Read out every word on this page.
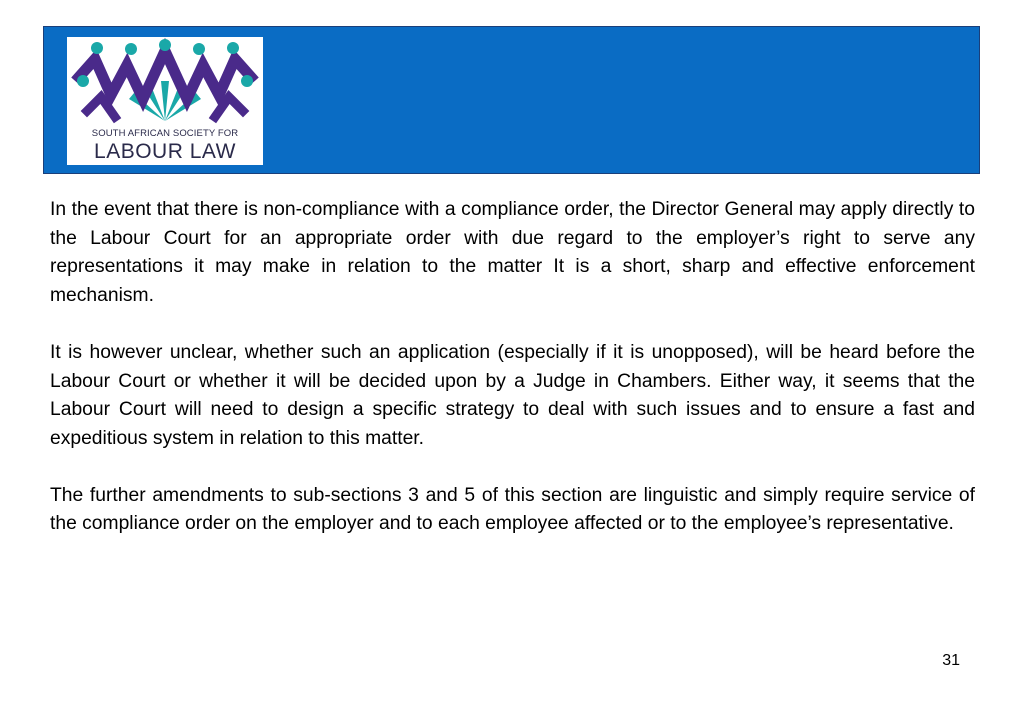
SOUTH AFRICAN SOCIETY FOR
LABOUR LAW

In the event that there is non-compliance with a compliance order, the Director General may apply directly to the Labour Court for an appropriate order with due regard to the employer’s right to serve any representations it may make in relation to the matter It is a short, sharp and effective enforcement mechanism.

It is however unclear, whether such an application (especially if it is unopposed), will be heard before the Labour Court or whether it will be decided upon by a Judge in Chambers. Either way, it seems that the Labour Court will need to design a specific strategy to deal with such issues and to ensure a fast and expeditious system in relation to this matter.

The further amendments to sub-sections 3 and 5 of this section are linguistic and simply require service of the compliance order on the employer and to each employee affected or to the employee’s representative.

31
